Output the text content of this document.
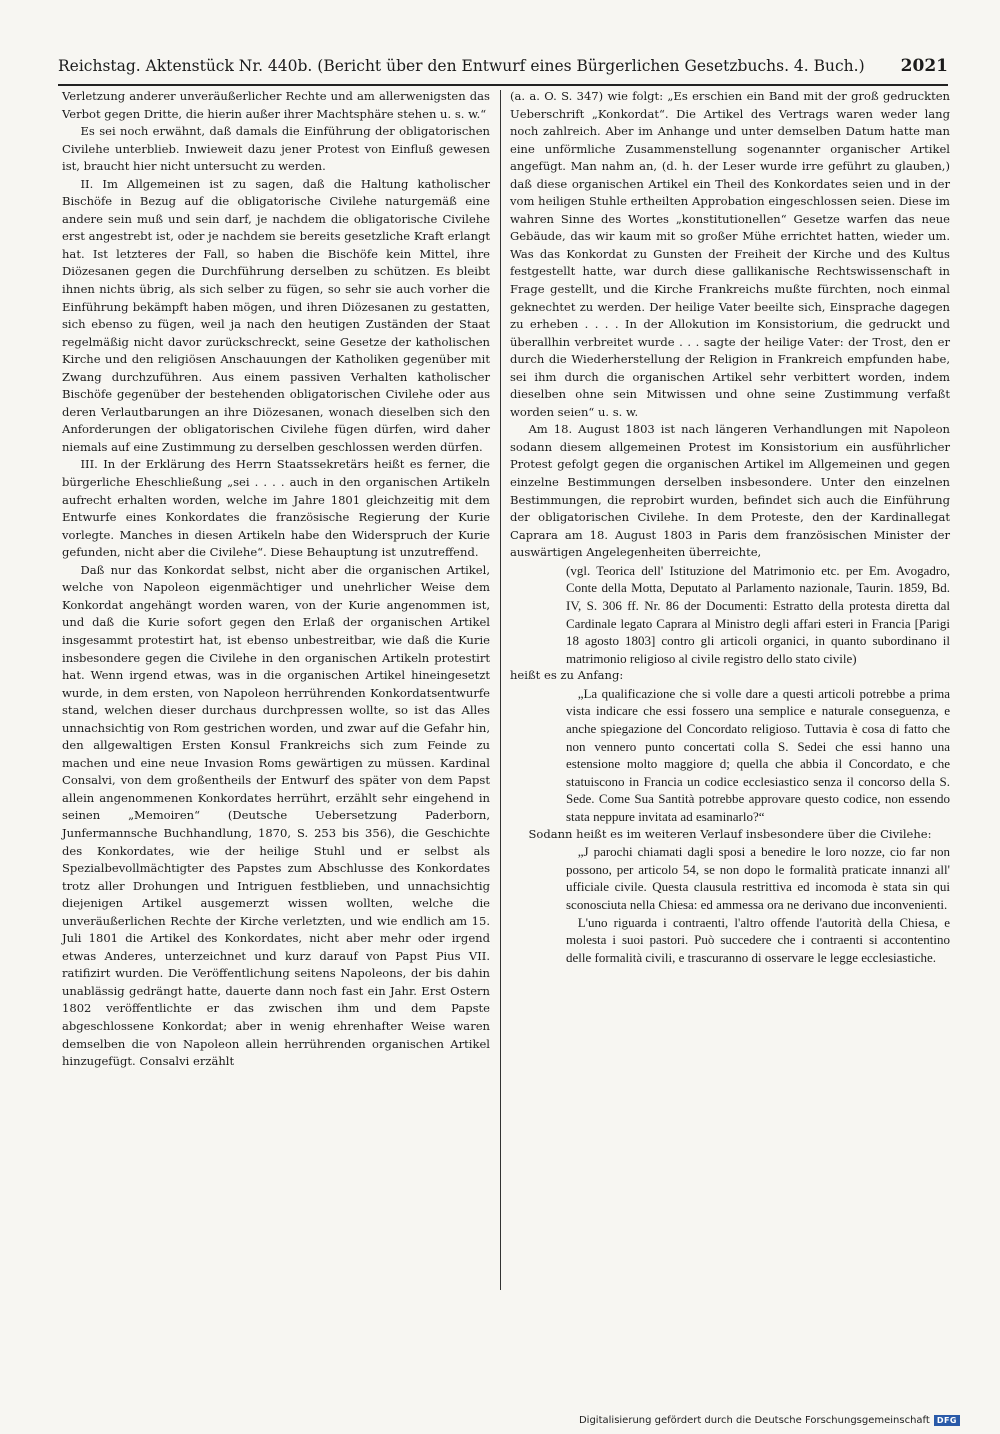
Reichstag. Aktenstück Nr. 440b. (Bericht über den Entwurf eines Bürgerlichen Gesetzbuchs. 4. Buch.) 2021

Verletzung anderer unveräußerlicher Rechte und am allerwenigsten das Verbot gegen Dritte, die hierin außer ihrer Machtsphäre stehen u. s. w.“

Es sei noch erwähnt, daß damals die Einführung der obligatorischen Civilehe unterblieb. Inwieweit dazu jener Protest von Einfluß gewesen ist, braucht hier nicht untersucht zu werden.

II. Im Allgemeinen ist zu sagen, daß die Haltung katholischer Bischöfe in Bezug auf die obligatorische Civilehe naturgemäß eine andere sein muß und sein darf, je nachdem die obligatorische Civilehe erst angestrebt ist, oder je nachdem sie bereits gesetzliche Kraft erlangt hat. Ist letzteres der Fall, so haben die Bischöfe kein Mittel, ihre Diözesanen gegen die Durchführung derselben zu schützen. Es bleibt ihnen nichts übrig, als sich selber zu fügen, so sehr sie auch vorher die Einführung bekämpft haben mögen, und ihren Diözesanen zu gestatten, sich ebenso zu fügen, weil ja nach den heutigen Zuständen der Staat regelmäßig nicht davor zurückschreckt, seine Gesetze der katholischen Kirche und den religiösen Anschauungen der Katholiken gegenüber mit Zwang durchzuführen. Aus einem passiven Verhalten katholischer Bischöfe gegenüber der bestehenden obligatorischen Civilehe oder aus deren Verlautbarungen an ihre Diözesanen, wonach dieselben sich den Anforderungen der obligatorischen Civilehe fügen dürfen, wird daher niemals auf eine Zustimmung zu derselben geschlossen werden dürfen.

III. In der Erklärung des Herrn Staatssekretärs heißt es ferner, die bürgerliche Eheschließung „sei . . . . auch in den organischen Artikeln aufrecht erhalten worden, welche im Jahre 1801 gleichzeitig mit dem Entwurfe eines Konkordates die französische Regierung der Kurie vorlegte. Manches in diesen Artikeln habe den Widerspruch der Kurie gefunden, nicht aber die Civilehe“. Diese Behauptung ist unzutreffend.

Daß nur das Konkordat selbst, nicht aber die organischen Artikel, welche von Napoleon eigenmächtiger und unehrlicher Weise dem Konkordat angehängt worden waren, von der Kurie angenommen ist, und daß die Kurie sofort gegen den Erlaß der organischen Artikel insgesammt protestirt hat, ist ebenso unbestreitbar, wie daß die Kurie insbesondere gegen die Civilehe in den organischen Artikeln protestirt hat. Wenn irgend etwas, was in die organischen Artikel hineingesetzt wurde, in dem ersten, von Napoleon herrührenden Konkordatsentwurfe stand, welchen dieser durchaus durchpressen wollte, so ist das Alles unnachsichtig von Rom gestrichen worden, und zwar auf die Gefahr hin, den allgewaltigen Ersten Konsul Frankreichs sich zum Feinde zu machen und eine neue Invasion Roms gewärtigen zu müssen. Kardinal Consalvi, von dem großentheils der Entwurf des später von dem Papst allein angenommenen Konkordates herrührt, erzählt sehr eingehend in seinen „Memoiren“ (Deutsche Uebersetzung Paderborn, Junfermannsche Buchhandlung, 1870, S. 253 bis 356), die Geschichte des Konkordates, wie der heilige Stuhl und er selbst als Spezialbevollmächtigter des Papstes zum Abschlusse des Konkordates trotz aller Drohungen und Intriguen festblieben, und unnachsichtig diejenigen Artikel ausgemerzt wissen wollten, welche die unveräußerlichen Rechte der Kirche verletzten, und wie endlich am 15. Juli 1801 die Artikel des Konkordates, nicht aber mehr oder irgend etwas Anderes, unterzeichnet und kurz darauf von Papst Pius VII. ratifizirt wurden. Die Veröffentlichung seitens Napoleons, der bis dahin unablässig gedrängt hatte, dauerte dann noch fast ein Jahr. Erst Ostern 1802 veröffentlichte er das zwischen ihm und dem Papste abgeschlossene Konkordat; aber in wenig ehrenhafter Weise waren demselben die von Napoleon allein herrührenden organischen Artikel hinzugefügt. Consalvi erzählt

(a. a. O. S. 347) wie folgt: „Es erschien ein Band mit der groß gedruckten Ueberschrift „Konkordat“. Die Artikel des Vertrags waren weder lang noch zahlreich. Aber im Anhange und unter demselben Datum hatte man eine unförmliche Zusammenstellung sogenannter organischer Artikel angefügt. Man nahm an, (d. h. der Leser wurde irre geführt zu glauben,) daß diese organischen Artikel ein Theil des Konkordates seien und in der vom heiligen Stuhle ertheilten Approbation eingeschlossen seien. Diese im wahren Sinne des Wortes „konstitutionellen“ Gesetze warfen das neue Gebäude, das wir kaum mit so großer Mühe errichtet hatten, wieder um. Was das Konkordat zu Gunsten der Freiheit der Kirche und des Kultus festgestellt hatte, war durch diese gallikanische Rechtswissenschaft in Frage gestellt, und die Kirche Frankreichs mußte fürchten, noch einmal geknechtet zu werden. Der heilige Vater beeilte sich, Einsprache dagegen zu erheben . . . . In der Allokution im Konsistorium, die gedruckt und überallhin verbreitet wurde . . . sagte der heilige Vater: der Trost, den er durch die Wiederherstellung der Religion in Frankreich empfunden habe, sei ihm durch die organischen Artikel sehr verbittert worden, indem dieselben ohne sein Mitwissen und ohne seine Zustimmung verfaßt worden seien“ u. s. w.

Am 18. August 1803 ist nach längeren Verhandlungen mit Napoleon sodann diesem allgemeinen Protest im Konsistorium ein ausführlicher Protest gefolgt gegen die organischen Artikel im Allgemeinen und gegen einzelne Bestimmungen derselben insbesondere. Unter den einzelnen Bestimmungen, die reprobirt wurden, befindet sich auch die Einführung der obligatorischen Civilehe. In dem Proteste, den der Kardinallegat Caprara am 18. August 1803 in Paris dem französischen Minister der auswärtigen Angelegenheiten überreichte,

(vgl. Teorica dell' Istituzione del Matrimonio etc. per Em. Avogadro, Conte della Motta, Deputato al Parlamento nazionale, Taurin. 1859, Bd. IV, S. 306 ff. Nr. 86 der Documenti: Estratto della protesta diretta dal Cardinale legato Caprara al Ministro degli affari esteri in Francia [Parigi 18 agosto 1803] contro gli articoli organici, in quanto subordinano il matrimonio religioso al civile registro dello stato civile)

heißt es zu Anfang:

„La qualificazione che si volle dare a questi articoli potrebbe a prima vista indicare che essi fossero una semplice e naturale conseguenza, e anche spiegazione del Concordato religioso. Tuttavia è cosa di fatto che non vennero punto concertati colla S. Sedei che essi hanno una estensione molto maggiore d; quella che abbia il Concordato, e che statuiscono in Francia un codice ecclesiastico senza il concorso della S. Sede. Come Sua Santità potrebbe approvare questo codice, non essendo stata neppure invitata ad esaminarlo?“

Sodann heißt es im weiteren Verlauf insbesondere über die Civilehe:

„J parochi chiamati dagli sposi a benedire le loro nozze, cio far non possono, per articolo 54, se non dopo le formalità praticate innanzi all' ufficiale civile. Questa clausula restrittiva ed incomoda è stata sin qui sconosciuta nella Chiesa: ed ammessa ora ne derivano due inconvenienti.

L'uno riguarda i contraenti, l'altro offende l'autorità della Chiesa, e molesta i suoi pastori. Può succedere che i contraenti si accontentino delle formalità civili, e trascuranno di osservare le legge ecclesiastiche.

Digitalisierung gefördert durch die Deutsche Forschungsgemeinschaft DFG
